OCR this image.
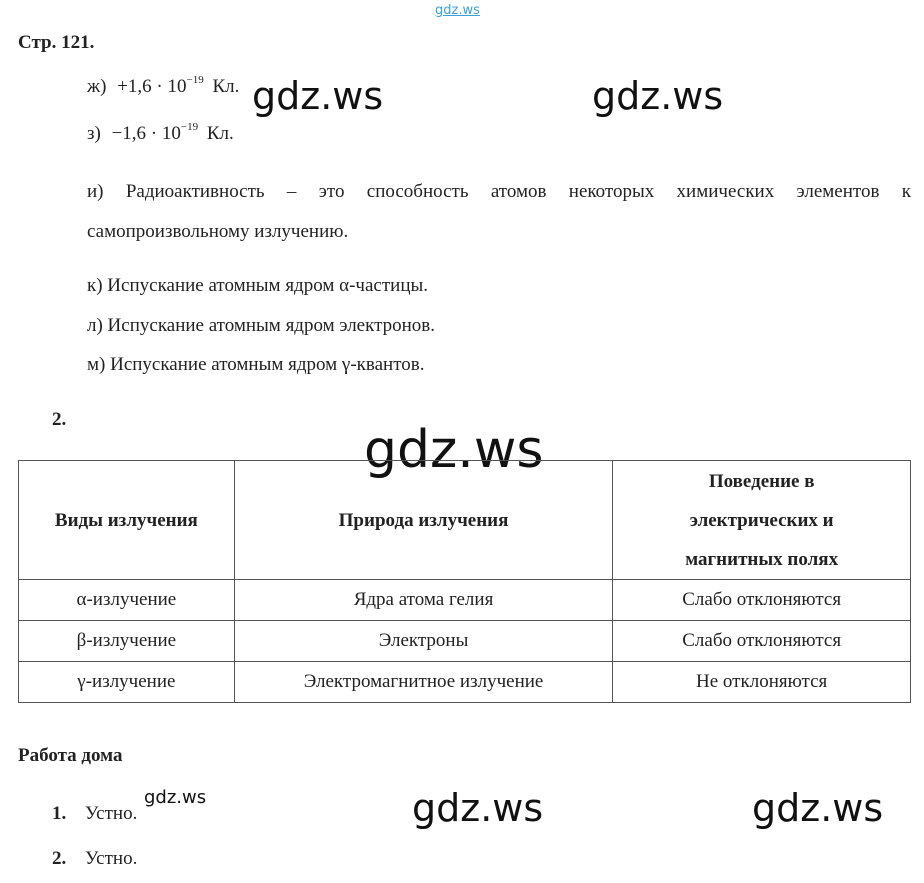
gdz.ws
gdz.ws	gdz.ws
gdz.ws
gdz.ws	gdz.ws	gdz.ws
Стр. 121.
$ж) +1,6 \cdot 10^{-19}$ Кл.
$з) -1,6 \cdot 10^{-19}$ Кл.
и) Радиоактивность – это способность атомов некоторых химических элементов к
самопроизвольному излучению.
к) Испускание атомным ядром α-частицы.
л) Испускание атомным ядром электронов.
м) Испускание атомным ядром γ-квантов.
2.
Виды излучения	Природа излучения	Поведение в
электрических и
магнитных полях

α-излучение	Ядра атома гелия	Слабо отклоняются
β-излучение	Электроны	Слабо отклоняются
γ-излучение	Электромагнитное излучение	Не отклоняются
Работа дома
1. Устно.
2. Устно.
